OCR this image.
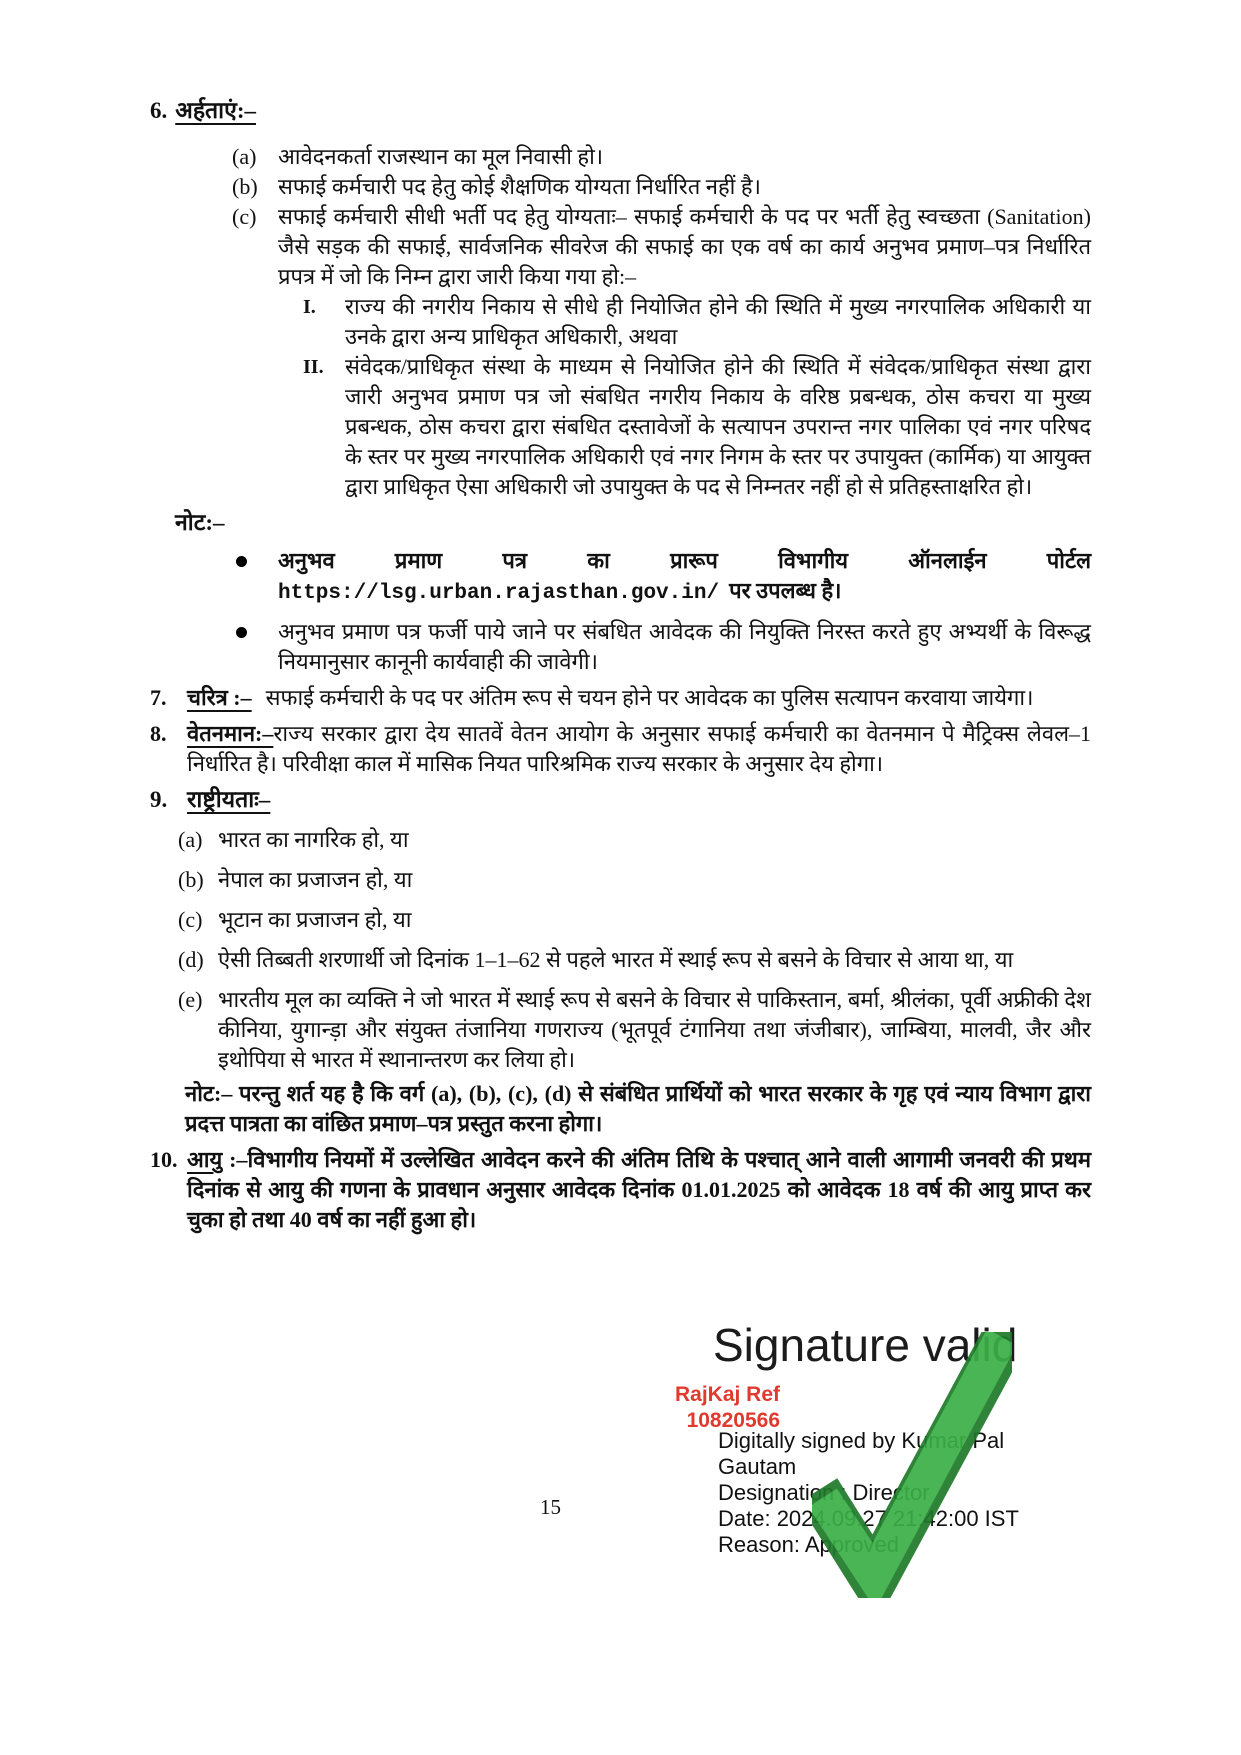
6. अर्हताएं:–
(a) आवेदनकर्ता राजस्थान का मूल निवासी हो।
(b) सफाई कर्मचारी पद हेतु कोई शैक्षणिक योग्यता निर्धारित नहीं है।
(c) सफाई कर्मचारी सीधी भर्ती पद हेतु योग्यताः– सफाई कर्मचारी के पद पर भर्ती हेतु स्वच्छता (Sanitation) जैसे सड़क की सफाई, सार्वजनिक सीवरेज की सफाई का एक वर्ष का कार्य अनुभव प्रमाण–पत्र निर्धारित प्रपत्र में जो कि निम्न द्वारा जारी किया गया हो:–
I. राज्य की नगरीय निकाय से सीधे ही नियोजित होने की स्थिति में मुख्य नगरपालिक अधिकारी या उनके द्वारा अन्य प्राधिकृत अधिकारी, अथवा
II. संवेदक/प्राधिकृत संस्था के माध्यम से नियोजित होने की स्थिति में संवेदक/प्राधिकृत संस्था द्वारा जारी अनुभव प्रमाण पत्र जो संबधित नगरीय निकाय के वरिष्ठ प्रबन्धक, ठोस कचरा या मुख्य प्रबन्धक, ठोस कचरा द्वारा संबधित दस्तावेजों के सत्यापन उपरान्त नगर पालिका एवं नगर परिषद के स्तर पर मुख्य नगरपालिक अधिकारी एवं नगर निगम के स्तर पर उपायुक्त (कार्मिक) या आयुक्त द्वारा प्राधिकृत ऐसा अधिकारी जो उपायुक्त के पद से निम्नतर नहीं हो से प्रतिहस्ताक्षरित हो।
नोट:–
अनुभव प्रमाण पत्र का प्रारूप विभागीय ऑनलाईन पोर्टल
https://lsg.urban.rajasthan.gov.in/ पर उपलब्ध है।
अनुभव प्रमाण पत्र फर्जी पाये जाने पर संबधित आवेदक की नियुक्ति निरस्त करते हुए अभ्यर्थी के विरूद्ध नियमानुसार कानूनी कार्यवाही की जावेगी।
7. चरित्र :– सफाई कर्मचारी के पद पर अंतिम रूप से चयन होने पर आवेदक का पुलिस सत्यापन करवाया जायेगा।
8. वेतनमान:–राज्य सरकार द्वारा देय सातवें वेतन आयोग के अनुसार सफाई कर्मचारी का वेतनमान पे मैट्रिक्स लेवल–1 निर्धारित है। परिवीक्षा काल में मासिक नियत पारिश्रमिक राज्य सरकार के अनुसार देय होगा।
9. राष्ट्रीयताः–
(a) भारत का नागरिक हो, या
(b) नेपाल का प्रजाजन हो, या
(c) भूटान का प्रजाजन हो, या
(d) ऐसी तिब्बती शरणार्थी जो दिनांक 1–1–62 से पहले भारत में स्थाई रूप से बसने के विचार से आया था, या
(e) भारतीय मूल का व्यक्ति ने जो भारत में स्थाई रूप से बसने के विचार से पाकिस्तान, बर्मा, श्रीलंका, पूर्वी अफ्रीकी देश कीनिया, युगान्ड़ा और संयुक्त तंजानिया गणराज्य (भूतपूर्व टंगानिया तथा जंजीबार), जाम्बिया, मालवी, जैर और इथोपिया से भारत में स्थानान्तरण कर लिया हो।
नोट:– परन्तु शर्त यह है कि वर्ग (a), (b), (c), (d) से संबंधित प्रार्थियों को भारत सरकार के गृह एवं न्याय विभाग द्वारा प्रदत्त पात्रता का वांछित प्रमाण–पत्र प्रस्तुत करना होगा।
10. आयु :–विभागीय नियमों में उल्लेखित आवेदन करने की अंतिम तिथि के पश्चात् आने वाली आगामी जनवरी की प्रथम दिनांक से आयु की गणना के प्रावधान अनुसार आवेदक दिनांक 01.01.2025 को आवेदक 18 वर्ष की आयु प्राप्त कर चुका हो तथा 40 वर्ष का नहीं हुआ हो।
RajKaj Ref
10820566
Signature valid
Digitally signed by Kumar Pal
Gautam
Designation : Director
Date: 2024.09.27 21:42:00 IST
Reason: Approved
15
